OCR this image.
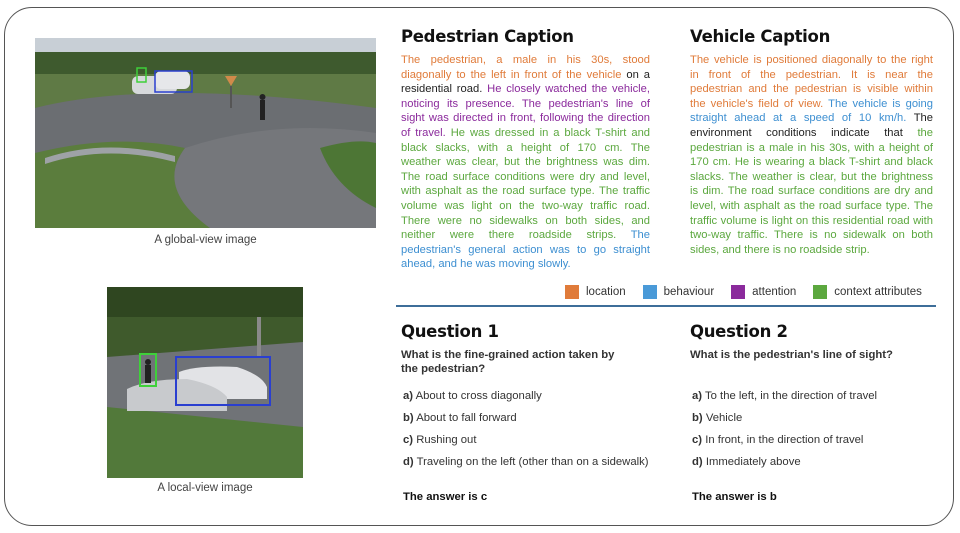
A global-view image
A local-view image
Pedestrian Caption
The pedestrian, a male in his 30s, stood diagonally to the left in front of the vehicle on a residential road. He closely watched the vehicle, noticing its presence. The pedestrian's line of sight was directed in front, following the direction of travel. He was dressed in a black T-shirt and black slacks, with a height of 170 cm. The weather was clear, but the brightness was dim. The road surface conditions were dry and level, with asphalt as the road surface type. The traffic volume was light on the two-way traffic road. There were no sidewalks on both sides, and neither were there roadside strips. The pedestrian's general action was to go straight ahead, and he was moving slowly.
Vehicle Caption
The vehicle is positioned diagonally to the right in front of the pedestrian. It is near the pedestrian and the pedestrian is visible within the vehicle's field of view. The vehicle is going straight ahead at a speed of 10 km/h. The environment conditions indicate that the pedestrian is a male in his 30s, with a height of 170 cm. He is wearing a black T-shirt and black slacks. The weather is clear, but the brightness is dim. The road surface conditions are dry and level, with asphalt as the road surface type. The traffic volume is light on this residential road with two-way traffic. There is no sidewalk on both sides, and there is no roadside strip.
location	behaviour	attention	context attributes
Question 1
What is the fine-grained action taken by the pedestrian?
a) About to cross diagonally
b) About to fall forward
c) Rushing out
d) Traveling on the left (other than on a sidewalk)
The answer is c
Question 2
What is the pedestrian's line of sight?
a) To the left, in the direction of travel
b) Vehicle
c) In front, in the direction of travel
d) Immediately above
The answer is b
